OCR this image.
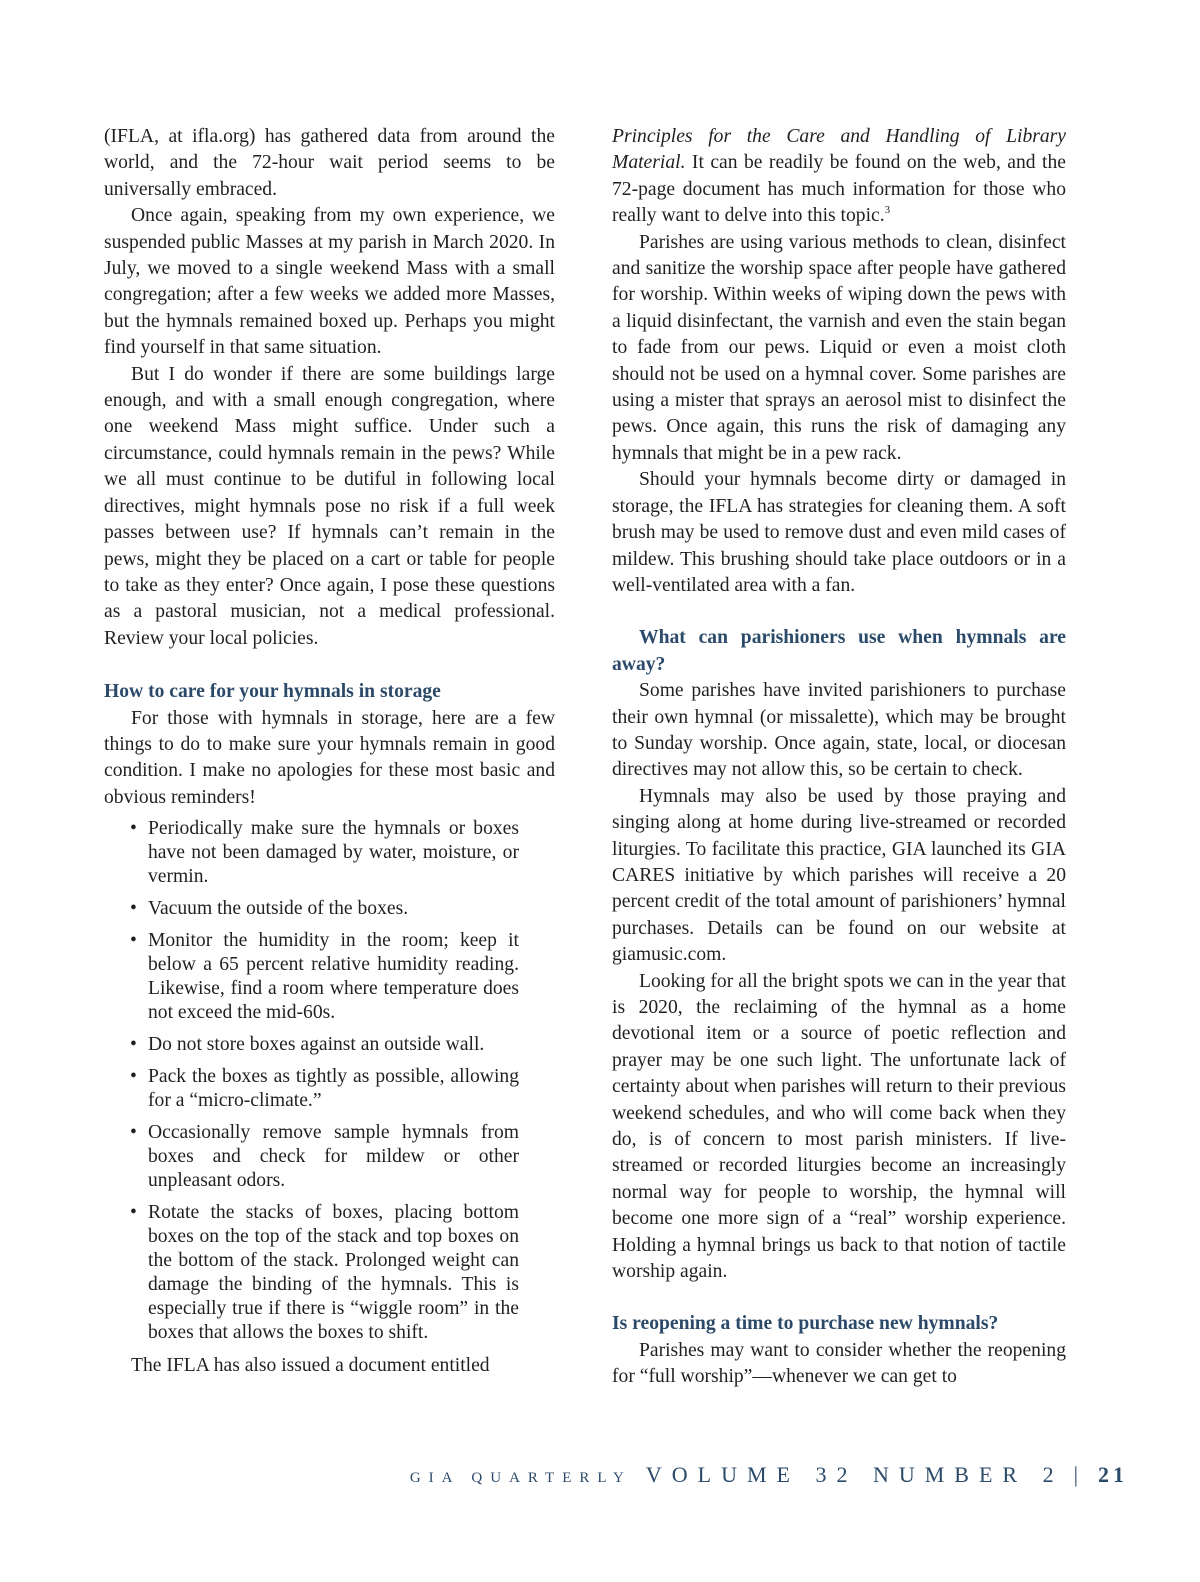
(IFLA, at ifla.org) has gathered data from around the world, and the 72-hour wait period seems to be universally embraced.

Once again, speaking from my own experience, we suspended public Masses at my parish in March 2020. In July, we moved to a single weekend Mass with a small congregation; after a few weeks we added more Masses, but the hymnals remained boxed up. Perhaps you might find yourself in that same situation.

But I do wonder if there are some buildings large enough, and with a small enough congregation, where one weekend Mass might suffice. Under such a circumstance, could hymnals remain in the pews? While we all must continue to be dutiful in following local directives, might hymnals pose no risk if a full week passes between use? If hymnals can’t remain in the pews, might they be placed on a cart or table for people to take as they enter? Once again, I pose these questions as a pastoral musician, not a medical professional. Review your local policies.

How to care for your hymnals in storage

For those with hymnals in storage, here are a few things to do to make sure your hymnals remain in good condition. I make no apologies for these most basic and obvious reminders!

• Periodically make sure the hymnals or boxes have not been damaged by water, moisture, or vermin.
• Vacuum the outside of the boxes.
• Monitor the humidity in the room; keep it below a 65 percent relative humidity reading. Likewise, find a room where temperature does not exceed the mid-60s.
• Do not store boxes against an outside wall.
• Pack the boxes as tightly as possible, allowing for a “micro-climate.”
• Occasionally remove sample hymnals from boxes and check for mildew or other unpleasant odors.
• Rotate the stacks of boxes, placing bottom boxes on the top of the stack and top boxes on the bottom of the stack. Prolonged weight can damage the binding of the hymnals. This is especially true if there is “wiggle room” in the boxes that allows the boxes to shift.

The IFLA has also issued a document entitled

Principles for the Care and Handling of Library Material. It can be readily be found on the web, and the 72-page document has much information for those who really want to delve into this topic.$^3$

Parishes are using various methods to clean, disinfect and sanitize the worship space after people have gathered for worship. Within weeks of wiping down the pews with a liquid disinfectant, the varnish and even the stain began to fade from our pews. Liquid or even a moist cloth should not be used on a hymnal cover. Some parishes are using a mister that sprays an aerosol mist to disinfect the pews. Once again, this runs the risk of damaging any hymnals that might be in a pew rack.

Should your hymnals become dirty or damaged in storage, the IFLA has strategies for cleaning them. A soft brush may be used to remove dust and even mild cases of mildew. This brushing should take place outdoors or in a well-ventilated area with a fan.

What can parishioners use when hymnals are away?

Some parishes have invited parishioners to purchase their own hymnal (or missalette), which may be brought to Sunday worship. Once again, state, local, or diocesan directives may not allow this, so be certain to check.

Hymnals may also be used by those praying and singing along at home during live-streamed or recorded liturgies. To facilitate this practice, GIA launched its GIA CARES initiative by which parishes will receive a 20 percent credit of the total amount of parishioners’ hymnal purchases. Details can be found on our website at giamusic.com.

Looking for all the bright spots we can in the year that is 2020, the reclaiming of the hymnal as a home devotional item or a source of poetic reflection and prayer may be one such light. The unfortunate lack of certainty about when parishes will return to their previous weekend schedules, and who will come back when they do, is of concern to most parish ministers. If live-streamed or recorded liturgies become an increasingly normal way for people to worship, the hymnal will become one more sign of a “real” worship experience. Holding a hymnal brings us back to that notion of tactile worship again.

Is reopening a time to purchase new hymnals?

Parishes may want to consider whether the reopening for “full worship”—whenever we can get to

GIA QUARTERLY VOLUME 32 NUMBER 2 | 21
